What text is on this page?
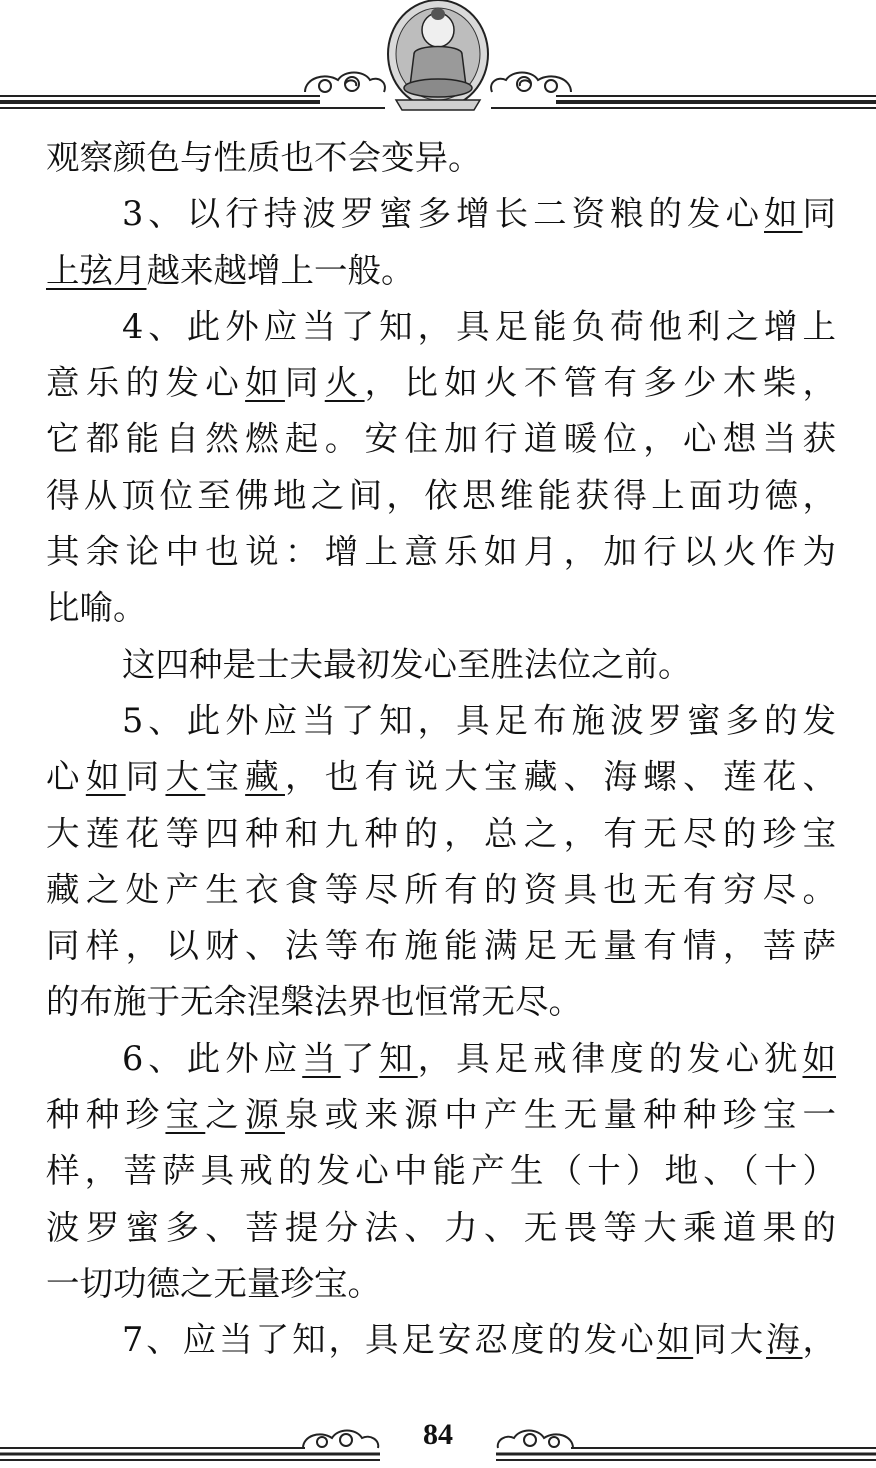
观察颜色与性质也不会变异。
3、以行持波罗蜜多增长二资粮的发心如同
上弦月越来越增上一般。
4、此外应当了知，具足能负荷他利之增上
意乐的发心如同火，比如火不管有多少木柴，
它都能自然燃起。安住加行道暖位，心想当获
得从顶位至佛地之间，依思维能获得上面功德，
其余论中也说：增上意乐如月，加行以火作为
比喻。
这四种是士夫最初发心至胜法位之前。
5、此外应当了知，具足布施波罗蜜多的发
心如同大宝藏，也有说大宝藏、海螺、莲花、
大莲花等四种和九种的，总之，有无尽的珍宝
藏之处产生衣食等尽所有的资具也无有穷尽。
同样，以财、法等布施能满足无量有情，菩萨
的布施于无余涅槃法界也恒常无尽。
6、此外应当了知，具足戒律度的发心犹如
种种珍宝之源泉或来源中产生无量种种珍宝一
样，菩萨具戒的发心中能产生（十）地、（十）
波罗蜜多、菩提分法、力、无畏等大乘道果的
一切功德之无量珍宝。
7、应当了知，具足安忍度的发心如同大海，
84
